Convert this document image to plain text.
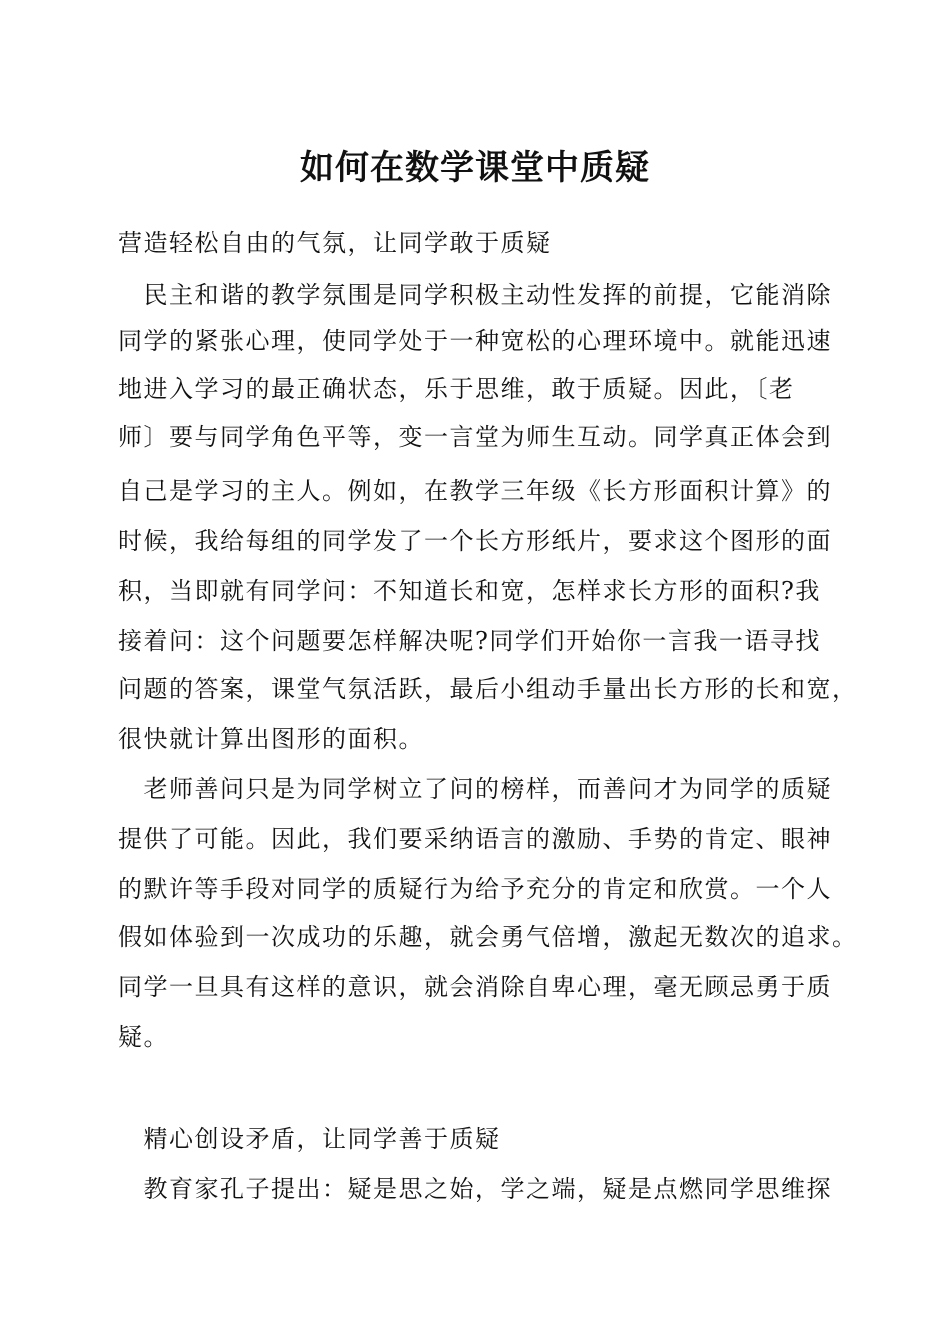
如何在数学课堂中质疑
营造轻松自由的气氛，让同学敢于质疑
　民主和谐的教学氛围是同学积极主动性发挥的前提，它能消除
同学的紧张心理，使同学处于一种宽松的心理环境中。就能迅速
地进入学习的最正确状态，乐于思维，敢于质疑。因此，〔老
师〕要与同学角色平等，变一言堂为师生互动。同学真正体会到
自己是学习的主人。例如，在教学三年级《长方形面积计算》的
时候，我给每组的同学发了一个长方形纸片，要求这个图形的面
积，当即就有同学问：不知道长和宽，怎样求长方形的面积?我
接着问：这个问题要怎样解决呢?同学们开始你一言我一语寻找
问题的答案，课堂气氛活跃，最后小组动手量出长方形的长和宽，
很快就计算出图形的面积。
　老师善问只是为同学树立了问的榜样，而善问才为同学的质疑
提供了可能。因此，我们要采纳语言的激励、手势的肯定、眼神
的默许等手段对同学的质疑行为给予充分的肯定和欣赏。一个人
假如体验到一次成功的乐趣，就会勇气倍增，激起无数次的追求。
同学一旦具有这样的意识，就会消除自卑心理，毫无顾忌勇于质
疑。
　精心创设矛盾，让同学善于质疑
　教育家孔子提出：疑是思之始，学之端，疑是点燃同学思维探
